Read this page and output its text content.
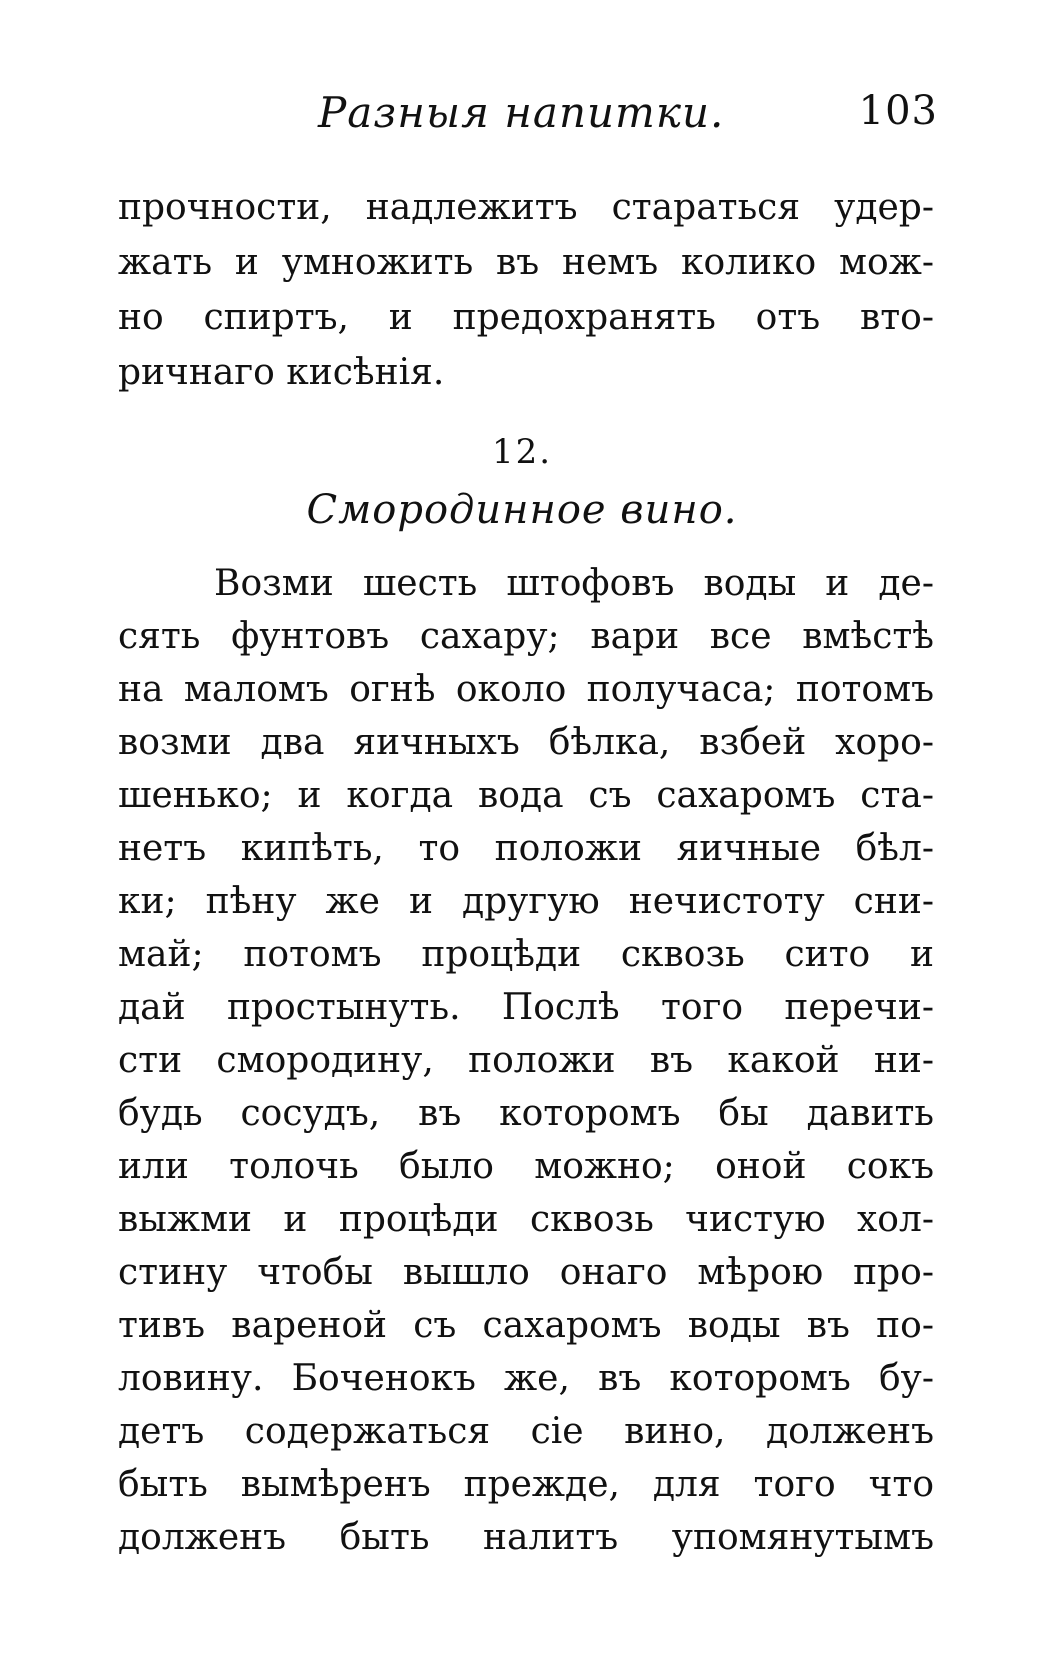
Разныя напитки.	103
прочности, надлежитъ стараться удер-
жать и умножить въ немъ колико мож-
но спиртъ, и предохранять отъ вто-
ричнаго кисѣнія.
12.
Смородинное вино.
Возми шесть штофовъ воды и де-
сять фунтовъ сахару; вари все вмѣстѣ
на маломъ огнѣ около получаса; потомъ
возми два яичныхъ бѣлка, взбей хоро-
шенько; и когда вода съ сахаромъ ста-
нетъ кипѣть, то положи яичные бѣл-
ки; пѣну же и другую нечистоту сни-
май; потомъ процѣди сквозь сито и
дай простынуть. Послѣ того перечи-
сти смородину, положи въ какой ни-
будь сосудъ, въ которомъ бы давить
или толочь было можно; оной сокъ
выжми и процѣди сквозь чистую хол-
стину чтобы вышло онаго мѣрою про-
тивъ вареной съ сахаромъ воды въ по-
ловину. Боченокъ же, въ которомъ бу-
детъ содержаться сіе вино, долженъ
быть вымѣренъ прежде, для того что
долженъ быть налитъ упомянутымъ
